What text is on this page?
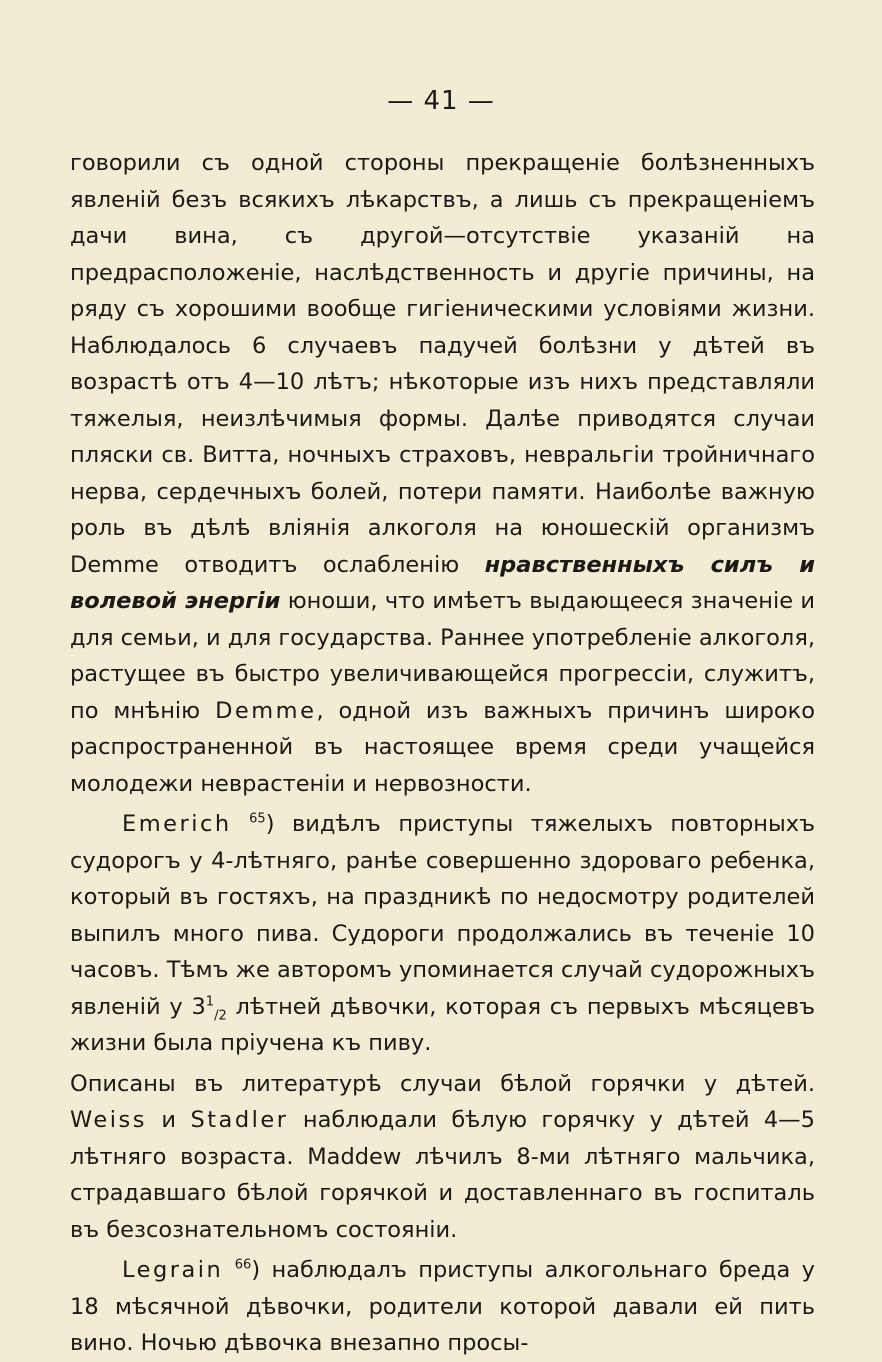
— 41 —

говорили съ одной стороны прекращеніе болѣзненныхъ явленій безъ всякихъ лѣкарствъ, а лишь съ прекращеніемъ дачи вина, съ другой—отсутствіе указаній на предрасположеніе, наслѣдственность и другіе причины, на ряду съ хорошими вообще гигіеническими условіями жизни. Наблюдалось 6 случаевъ падучей болѣзни у дѣтей въ возрастѣ отъ 4—10 лѣтъ; нѣкоторые изъ нихъ представляли тяжелыя, неизлѣчимыя формы. Далѣе приводятся случаи пляски св. Витта, ночныхъ страховъ, невральгіи тройничнаго нерва, сердечныхъ болей, потери памяти. Наиболѣе важную роль въ дѣлѣ вліянія алкоголя на юношескій организмъ Demme отводитъ ослабленію нравственныхъ силъ и волевой энергіи юноши, что имѣетъ выдающееся значеніе и для семьи, и для государства. Раннее употребленіе алкоголя, растущее въ быстро увеличивающейся прогрессіи, служитъ, по мнѣнію Demme, одной изъ важныхъ причинъ широко распространенной въ настоящее время среди учащейся молодежи неврастеніи и нервозности.

Emerich $^{65}$) видѣлъ приступы тяжелыхъ повторныхъ судорогъ у 4-лѣтняго, ранѣе совершенно здороваго ребенка, который въ гостяхъ, на праздникѣ по недосмотру родителей выпилъ много пива. Судороги продолжались въ теченіе 10 часовъ. Тѣмъ же авторомъ упоминается случай судорожныхъ явленій у $3^1_{/2}$ лѣтней дѣвочки, которая съ первыхъ мѣсяцевъ жизни была пріучена къ пиву.

Описаны въ литературѣ случаи бѣлой горячки у дѣтей. Weiss и Stadler наблюдали бѣлую горячку у дѣтей 4—5 лѣтняго возраста. Maddew лѣчилъ 8-ми лѣтняго мальчика, страдавшаго бѣлой горячкой и доставленнаго въ госпиталь въ безсознательномъ состояніи.

Legrain $^{66}$) наблюдалъ приступы алкогольнаго бреда у 18 мѣсячной дѣвочки, родители которой давали ей пить вино. Ночью дѣвочка внезапно просы-
